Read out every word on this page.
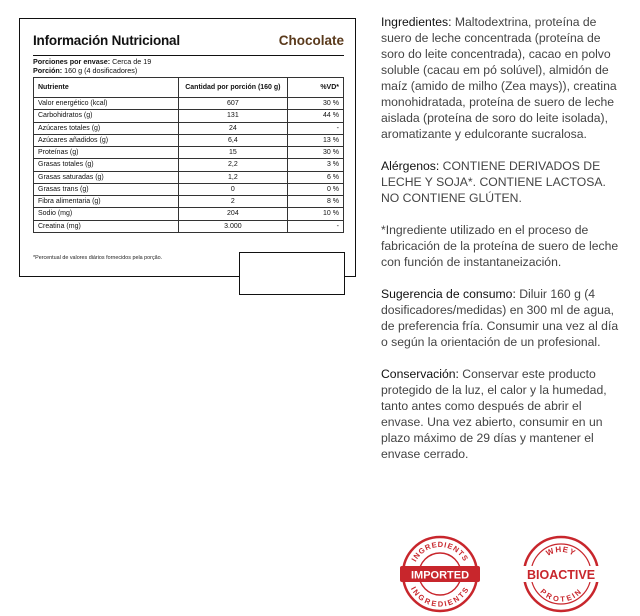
Información Nutricional	Chocolate
Porciones por envase: Cerca de 19
Porción: 160 g (4 dosificadores)
Nutriente	Cantidad por porción (160 g)	%VD*
Valor energético (kcal)	607	30 %
Carbohidratos (g)	131	44 %
Azúcares totales (g)	24	-
Azúcares añadidos (g)	6,4	13 %
Proteínas (g)	15	30 %
Grasas totales (g)	2,2	3 %
Grasas saturadas (g)	1,2	6 %
Grasas trans (g)	0	0 %
Fibra alimentaria (g)	2	8 %
Sodio (mg)	204	10 %
Creatina (mg)	3.000	-
*Percentual de valores diários fornecidos pela porção.

Ingredientes: Maltodextrina, proteína de suero de leche concentrada (proteína de soro do leite concentrada), cacao en polvo soluble (cacau em pó solúvel), almidón de maíz (amido de milho (Zea mays)), creatina monohidratada, proteína de suero de leche aislada (proteína de soro do leite isolada), aromatizante y edulcorante sucralosa.

Alérgenos: CONTIENE DERIVADOS DE LECHE Y SOJA*. CONTIENE LACTOSA. NO CONTIENE GLÚTEN.

*Ingrediente utilizado en el proceso de fabricación de la proteína de suero de leche con función de instantaneización.

Sugerencia de consumo: Diluir 160 g (4 dosificadores/medidas) en 300 ml de agua, de preferencia fría. Consumir una vez al día o según la orientación de un profesional.

Conservación: Conservar este producto protegido de la luz, el calor y la humedad, tanto antes como después de abrir el envase. Una vez abierto, consumir en un plazo máximo de 29 días y mantener el envase cerrado.

INGREDIENTS
INGREDIENTS
IMPORTED
WHEY
PROTEIN
BIOACTIVE
